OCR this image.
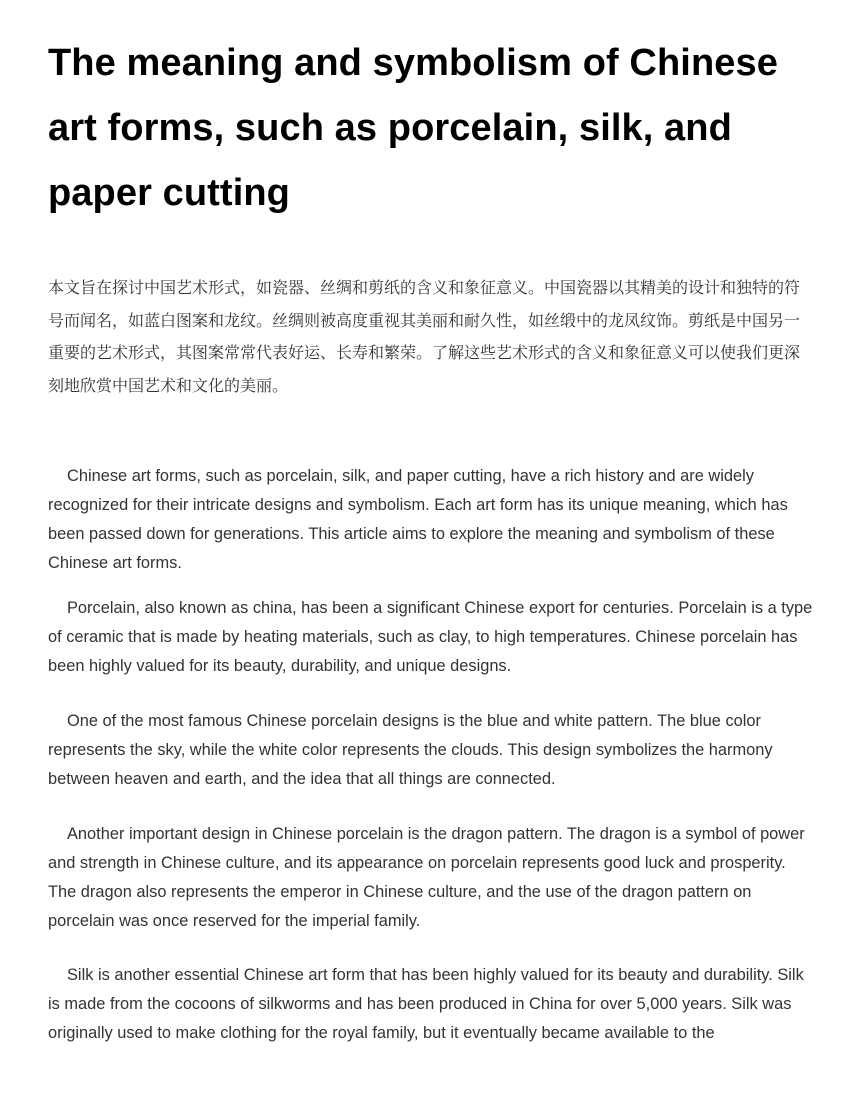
The meaning and symbolism of Chinese art forms, such as porcelain, silk, and paper cutting

本文旨在探讨中国艺术形式，如瓷器、丝绸和剪纸的含义和象征意义。中国瓷器以其精美的设计和独特的符号而闻名，如蓝白图案和龙纹。丝绸则被高度重视其美丽和耐久性，如丝缎中的龙凤纹饰。剪纸是中国另一重要的艺术形式，其图案常常代表好运、长寿和繁荣。了解这些艺术形式的含义和象征意义可以使我们更深刻地欣赏中国艺术和文化的美丽。

Chinese art forms, such as porcelain, silk, and paper cutting, have a rich history and are widely recognized for their intricate designs and symbolism. Each art form has its unique meaning, which has been passed down for generations. This article aims to explore the meaning and symbolism of these Chinese art forms.

Porcelain, also known as china, has been a significant Chinese export for centuries. Porcelain is a type of ceramic that is made by heating materials, such as clay, to high temperatures. Chinese porcelain has been highly valued for its beauty, durability, and unique designs.

One of the most famous Chinese porcelain designs is the blue and white pattern. The blue color represents the sky, while the white color represents the clouds. This design symbolizes the harmony between heaven and earth, and the idea that all things are connected.

Another important design in Chinese porcelain is the dragon pattern. The dragon is a symbol of power and strength in Chinese culture, and its appearance on porcelain represents good luck and prosperity. The dragon also represents the emperor in Chinese culture, and the use of the dragon pattern on porcelain was once reserved for the imperial family.

Silk is another essential Chinese art form that has been highly valued for its beauty and durability. Silk is made from the cocoons of silkworms and has been produced in China for over 5,000 years. Silk was originally used to make clothing for the royal family, but it eventually became available to the
